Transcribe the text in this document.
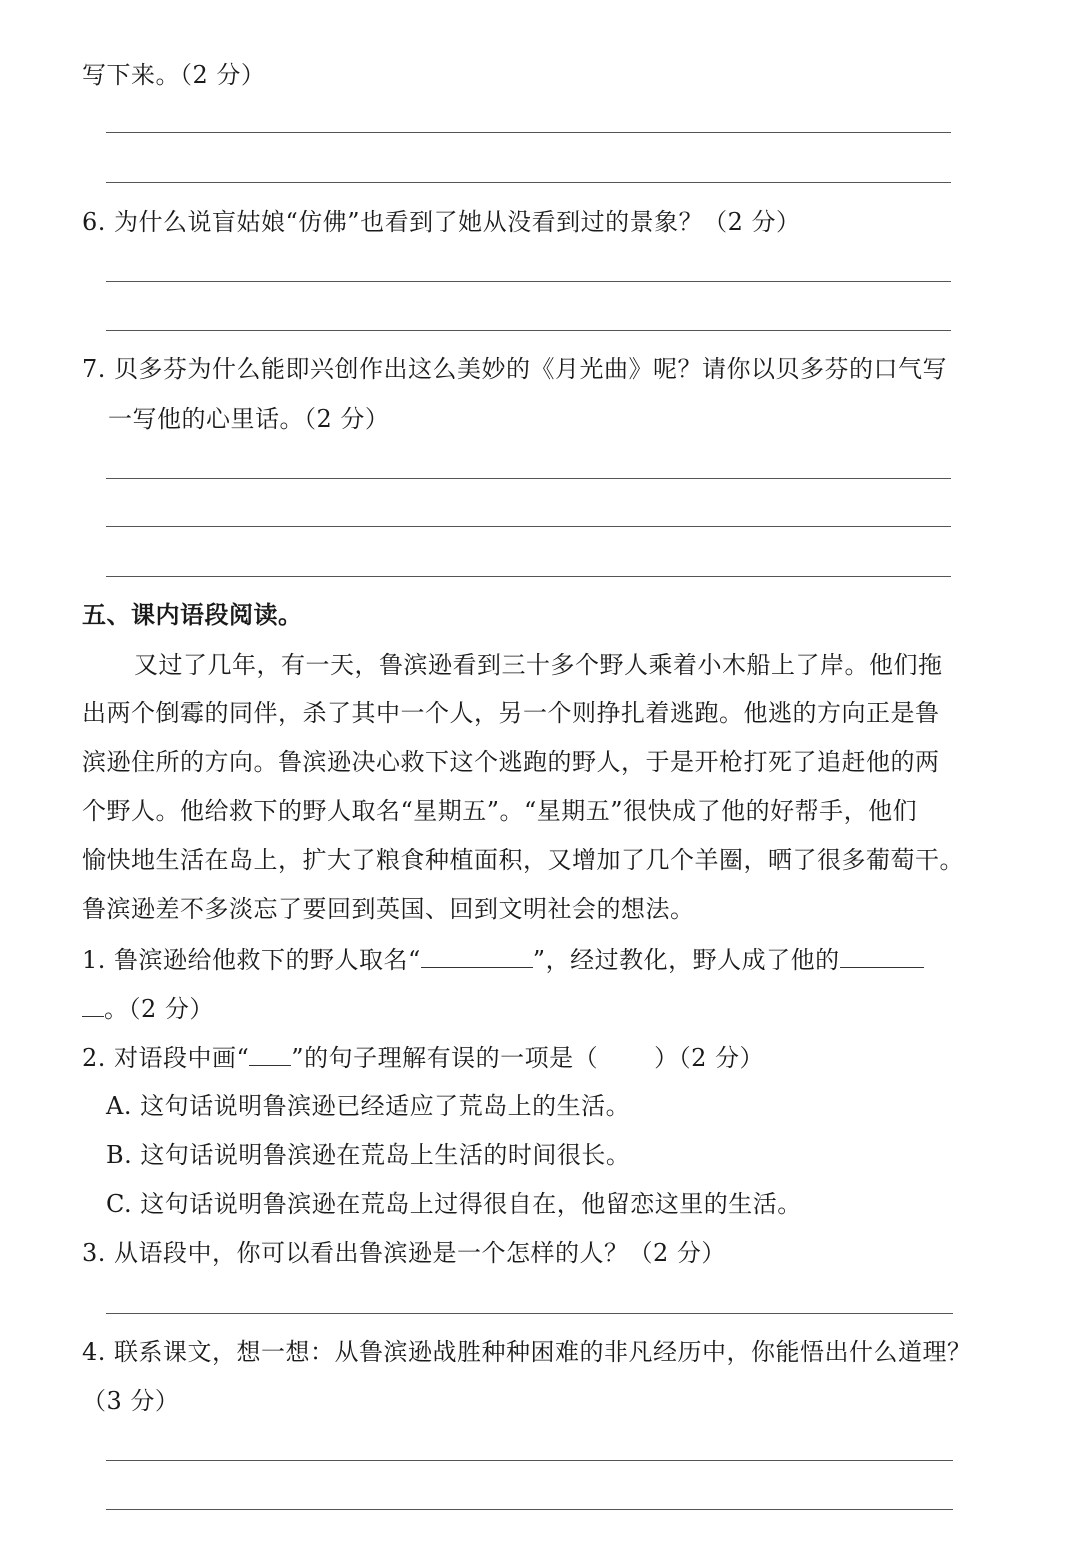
写下来。（2 分）
6. 为什么说盲姑娘“仿佛”也看到了她从没看到过的景象？（2 分）
7. 贝多芬为什么能即兴创作出这么美妙的《月光曲》呢？请你以贝多芬的口气写
一写他的心里话。（2 分）
五、课内语段阅读。
又过了几年，有一天，鲁滨逊看到三十多个野人乘着小木船上了岸。他们拖
出两个倒霉的同伴，杀了其中一个人，另一个则挣扎着逃跑。他逃的方向正是鲁
滨逊住所的方向。鲁滨逊决心救下这个逃跑的野人，于是开枪打死了追赶他的两
个野人。他给救下的野人取名“星期五”。“星期五”很快成了他的好帮手，他们
愉快地生活在岛上，扩大了粮食种植面积，又增加了几个羊圈，晒了很多葡萄干。
鲁滨逊差不多淡忘了要回到英国、回到文明社会的想法。
1. 鲁滨逊给他救下的野人取名“	”，经过教化，野人成了他的
。（2 分）
2. 对语段中画“ ”的句子理解有误的一项是（ ）（2 分）
A. 这句话说明鲁滨逊已经适应了荒岛上的生活。
B. 这句话说明鲁滨逊在荒岛上生活的时间很长。
C. 这句话说明鲁滨逊在荒岛上过得很自在，他留恋这里的生活。
3. 从语段中，你可以看出鲁滨逊是一个怎样的人？（2 分）
4. 联系课文，想一想：从鲁滨逊战胜种种困难的非凡经历中，你能悟出什么道理？
（3 分）
